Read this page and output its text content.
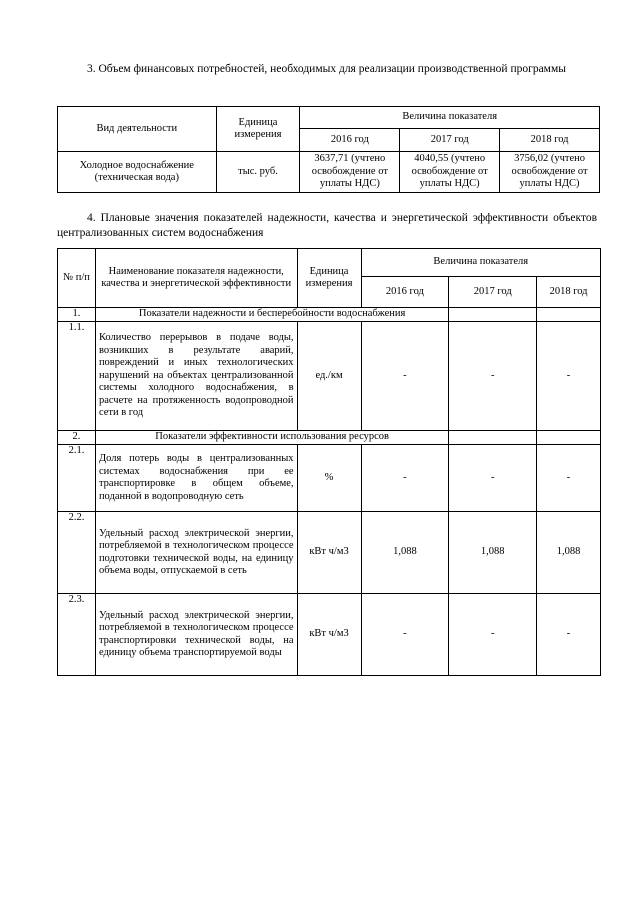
3. Объем финансовых потребностей, необходимых для реализации производственной программы
Вид деятельности	Единица измерения	Величина показателя		
		2016 год	2017 год	2018 год
Холодное водоснабжение (техническая вода)	тыс. руб.	3637,71 (учтено освобождение от уплаты НДС)	4040,55 (учтено освобождение от уплаты НДС)	3756,02 (учтено освобождение от уплаты НДС)
4. Плановые значения показателей надежности, качества и энергетической эффективности объектов централизованных систем водоснабжения
№ п/п	Наименование показателя надежности, качества и энергетической эффективности	Единица измерения	Величина показателя		
			2016 год	2017 год	2018 год
1.	Показатели надежности и бесперебойности водоснабжения				
1.1.	Количество перерывов в подаче воды, возникших в результате аварий, повреждений и иных технологических нарушений на объектах централизованной системы холодного водоснабжения, в расчете на протяженность водопроводной сети в год	ед./км	-	-	-
2.	Показатели эффективности использования ресурсов				
2.1.	Доля потерь воды в централизованных системах водоснабжения при ее транспортировке в общем объеме, поданной в водопроводную сеть	%	-	-	-
2.2.	Удельный расход электрической энергии, потребляемой в технологическом процессе подготовки технической воды, на единицу объема воды, отпускаемой в сеть	кВт ч/м3	1,088	1,088	1,088
2.3.	Удельный расход электрической энергии, потребляемой в технологическом процессе транспортировки технической воды, на единицу объема транспортируемой воды	кВт ч/м3	-	-	-
